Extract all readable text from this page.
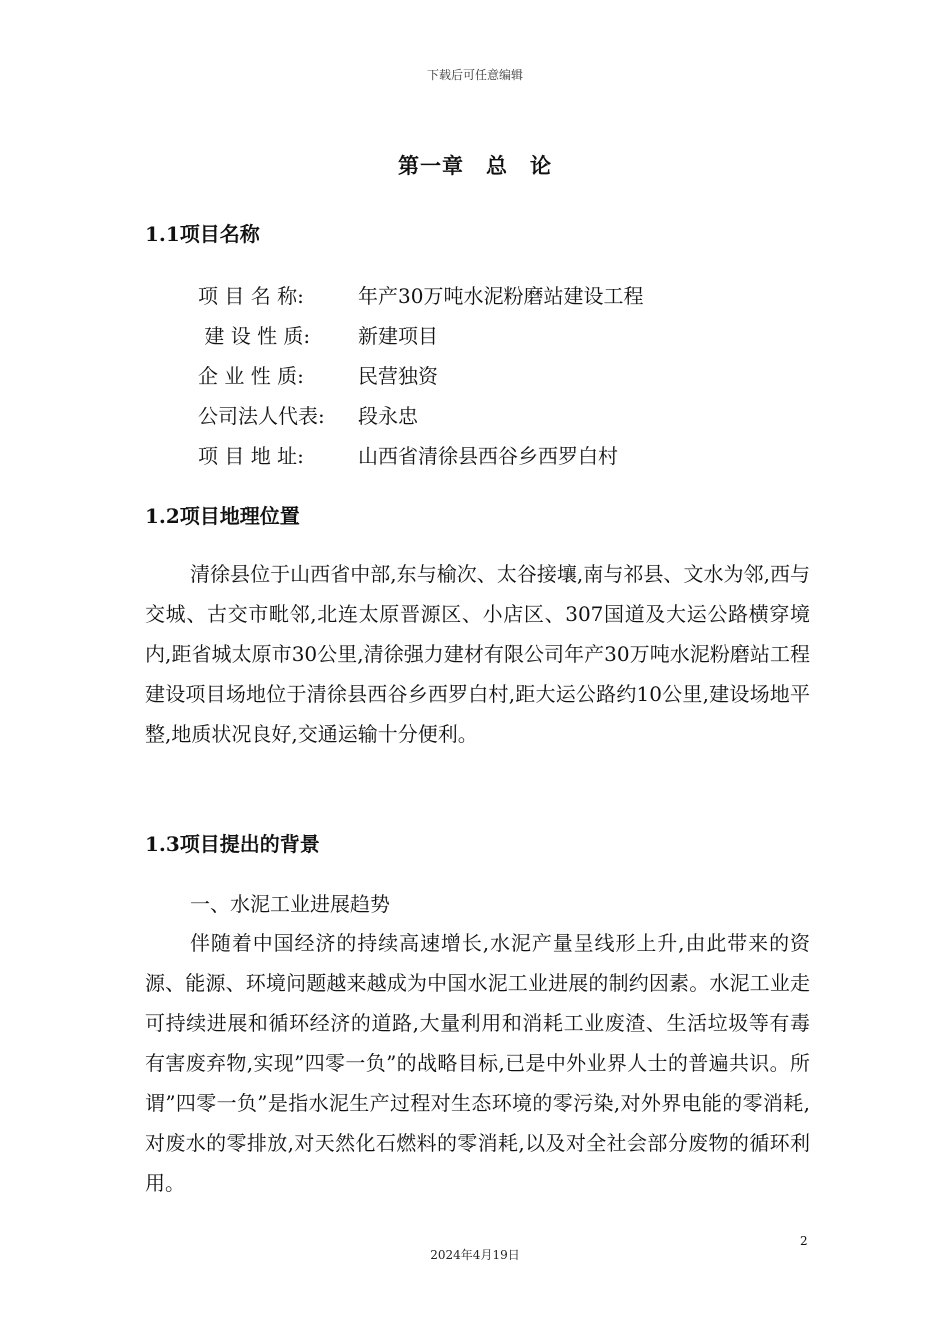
下载后可任意编辑
第一章　总　论
1.1项目名称
项 目 名 称:	年产30万吨水泥粉磨站建设工程
建 设 性 质: 新建项目
企 业 性 质:	民营独资
公司法人代表: 段永忠
项 目 地 址:	山西省清徐县西谷乡西罗白村
1.2项目地理位置

清徐县位于山西省中部,东与榆次、太谷接壤,南与祁县、文水为邻,西与交城、古交市毗邻,北连太原晋源区、小店区、307国道及大运公路横穿境内,距省城太原市30公里,清徐强力建材有限公司年产30万吨水泥粉磨站工程建设项目场地位于清徐县西谷乡西罗白村,距大运公路约10公里,建设场地平整,地质状况良好,交通运输十分便利。

1.3项目提出的背景
一、水泥工业进展趋势

伴随着中国经济的持续高速增长,水泥产量呈线形上升,由此带来的资源、能源、环境问题越来越成为中国水泥工业进展的制约因素。水泥工业走可持续进展和循环经济的道路,大量利用和消耗工业废渣、生活垃圾等有毒有害废弃物,实现”四零一负”的战略目标,已是中外业界人士的普遍共识。所谓”四零一负”是指水泥生产过程对生态环境的零污染,对外界电能的零消耗,对废水的零排放,对天然化石燃料的零消耗,以及对全社会部分废物的循环利用。

2
2024年4月19日
